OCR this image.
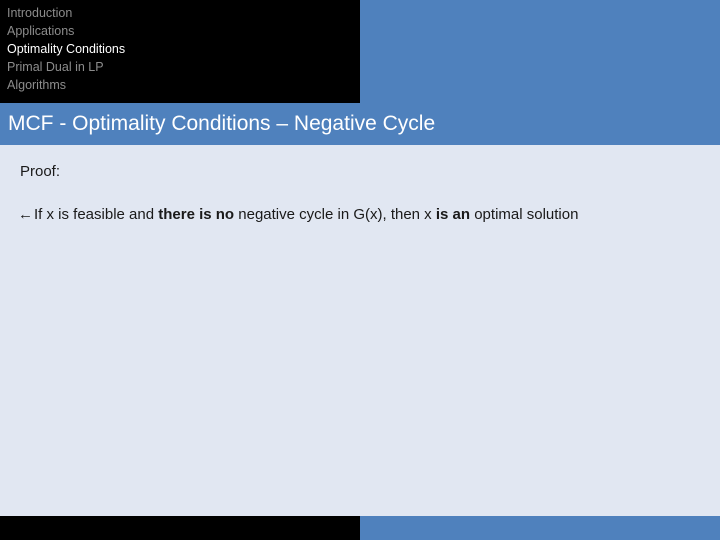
Introduction
Applications
Optimality Conditions
Primal Dual in LP
Algorithms
MCF - Optimality Conditions – Negative Cycle
Proof:
←If x is feasible and there is no negative cycle in G(x), then x is an optimal solution
